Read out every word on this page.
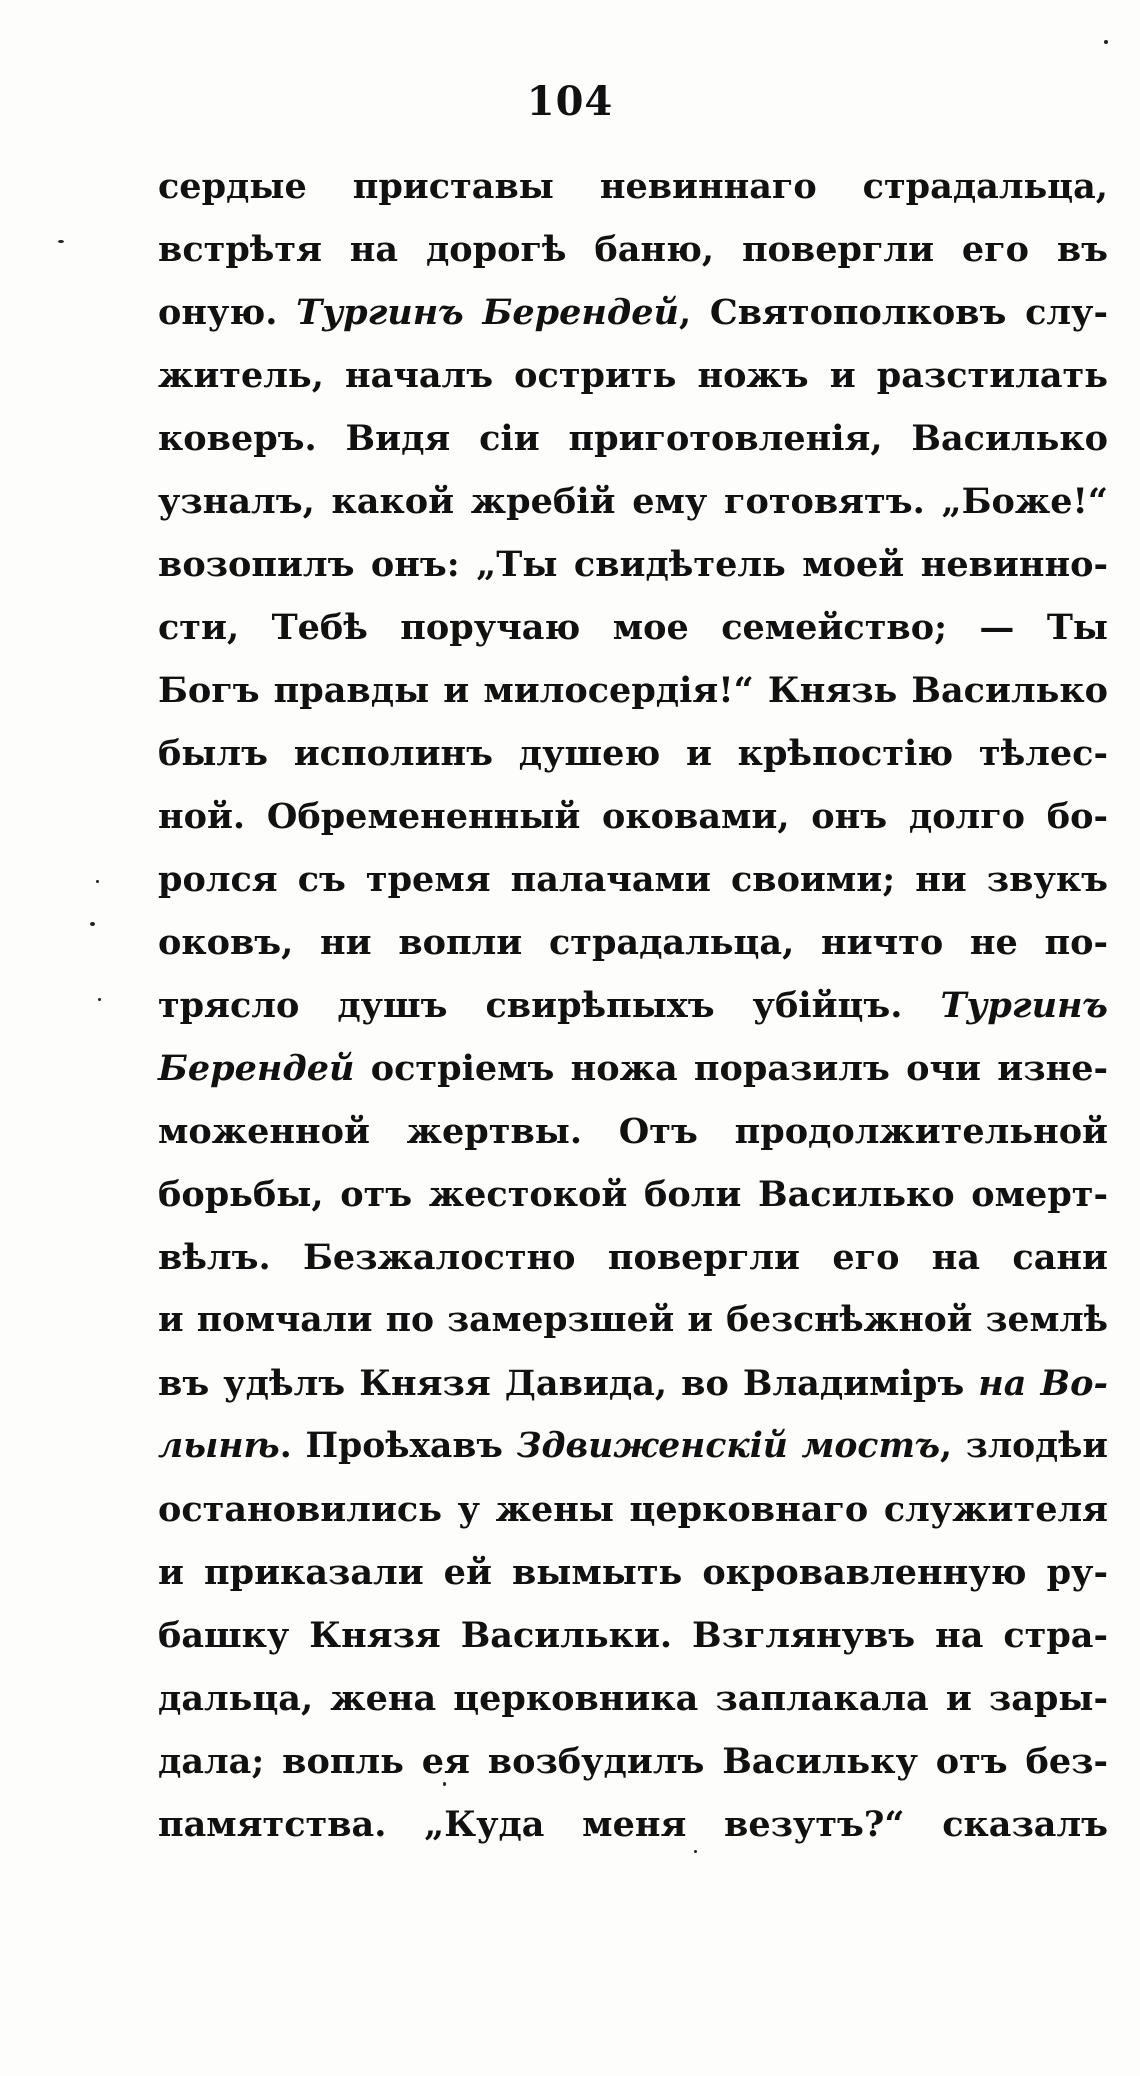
104
сердые приставы невиннаго страдальца,
встрѣтя на дорогѣ баню, повергли его въ
оную. Тургинъ Берендей, Святополковъ слу-
житель, началъ острить ножъ и разстилать
коверъ. Видя сіи приготовленія, Василько
узналъ, какой жребій ему готовятъ. „Боже!“
возопилъ онъ: „Ты свидѣтель моей невинно-
сти, Тебѣ поручаю мое семейство; — Ты
Богъ правды и милосердія!“ Князь Василько
былъ исполинъ душею и крѣпостію тѣлес-
ной. Обремененный оковами, онъ долго бо-
ролся съ тремя палачами своими; ни звукъ
оковъ, ни вопли страдальца, ничто не по-
трясло душъ свирѣпыхъ убійцъ. Тургинъ
Берендей остріемъ ножа поразилъ очи изне-
моженной жертвы. Отъ продолжительной
борьбы, отъ жестокой боли Василько омерт-
вѣлъ. Безжалостно повергли его на сани
и помчали по замерзшей и безснѣжной землѣ
въ удѣлъ Князя Давида, во Владиміръ на Во-
лынѣ. Проѣхавъ Здвиженскій мостъ, злодѣи
остановились у жены церковнаго служителя
и приказали ей вымыть окровавленную ру-
башку Князя Васильки. Взглянувъ на стра-
дальца, жена церковника заплакала и зары-
дала; вопль ея возбудилъ Васильку отъ без-
памятства. „Куда меня везутъ?“ сказалъ
